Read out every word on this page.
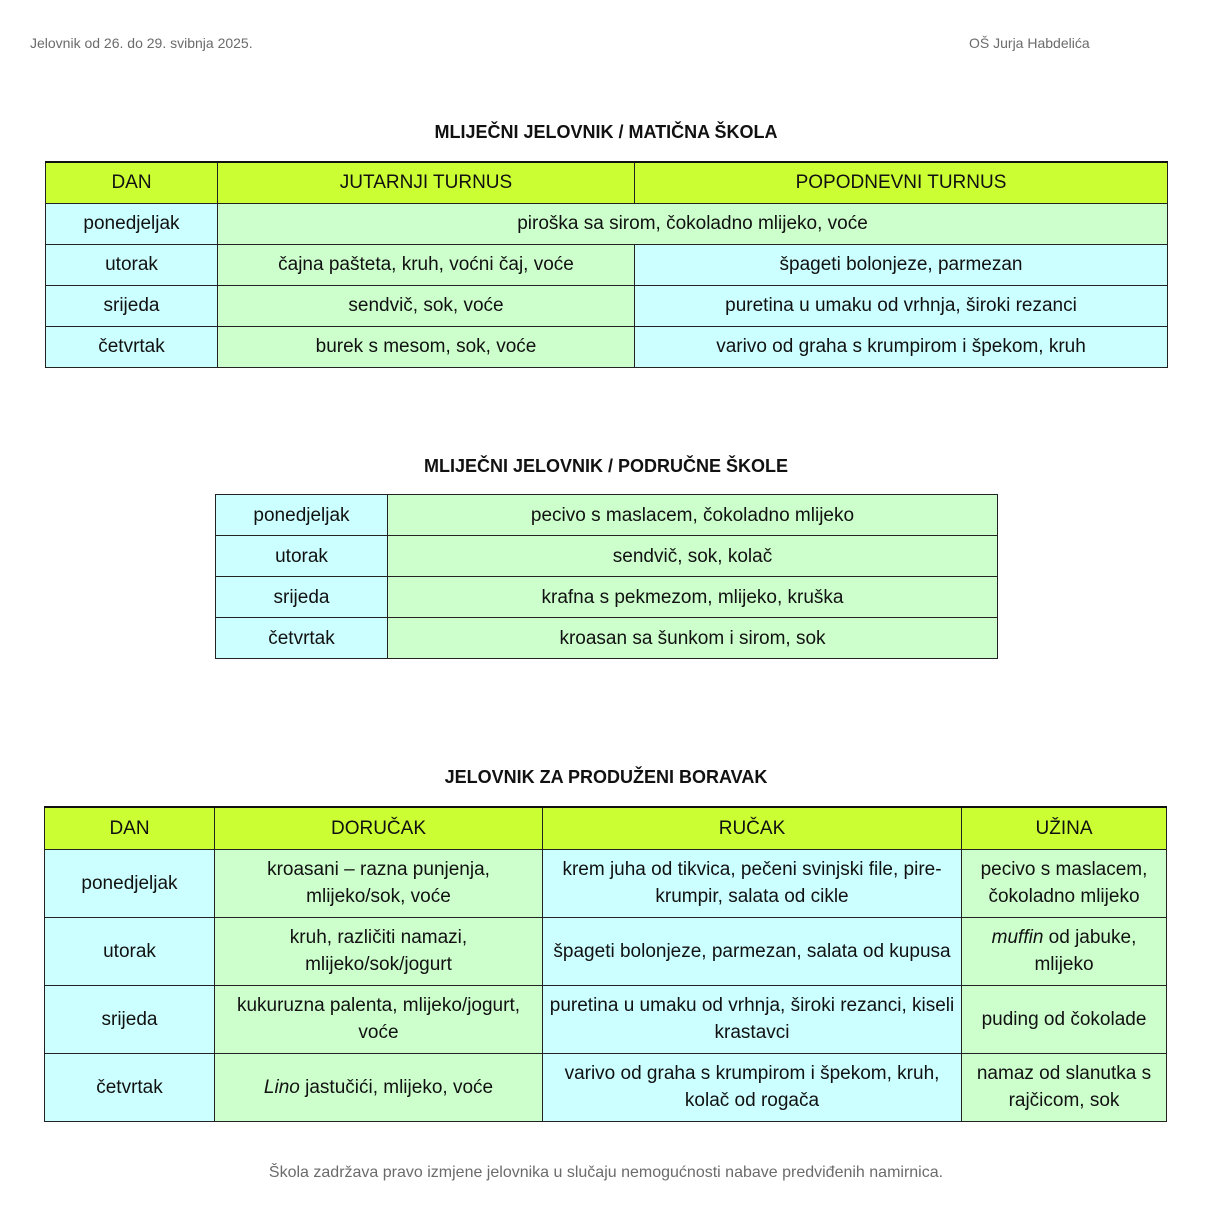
Jelovnik od 26. do 29. svibnja 2025.	OŠ Jurja Habdelića
MLIJEČNI JELOVNIK / MATIČNA ŠKOLA
DAN	JUTARNJI TURNUS	POPODNEVNI TURNUS
ponedjeljak	piroška sa sirom, čokoladno mlijeko, voće	
utorak	čajna pašteta, kruh, voćni čaj, voće	špageti bolonjeze, parmezan
srijeda	sendvič, sok, voće	puretina u umaku od vrhnja, široki rezanci
četvrtak	burek s mesom, sok, voće	varivo od graha s krumpirom i špekom, kruh
MLIJEČNI JELOVNIK / PODRUČNE ŠKOLE
ponedjeljak	pecivo s maslacem, čokoladno mlijeko
utorak	sendvič, sok, kolač
srijeda	krafna s pekmezom, mlijeko, kruška
četvrtak	kroasan sa šunkom i sirom, sok
JELOVNIK ZA PRODUŽENI BORAVAK
DAN	DORUČAK	RUČAK	UŽINA
ponedjeljak	kroasani – razna punjenja, mlijeko/sok, voće	krem juha od tikvica, pečeni svinjski file, pire-krumpir, salata od cikle	pecivo s maslacem, čokoladno mlijeko
utorak	kruh, različiti namazi, mlijeko/sok/jogurt	špageti bolonjeze, parmezan, salata od kupusa	muffin od jabuke, mlijeko
srijeda	kukuruzna palenta, mlijeko/jogurt, voće	puretina u umaku od vrhnja, široki rezanci, kiseli krastavci	puding od čokolade
četvrtak	Lino jastučići, mlijeko, voće	varivo od graha s krumpirom i špekom, kruh, kolač od rogača	namaz od slanutka s rajčicom, sok
Škola zadržava pravo izmjene jelovnika u slučaju nemogućnosti nabave predviđenih namirnica.
